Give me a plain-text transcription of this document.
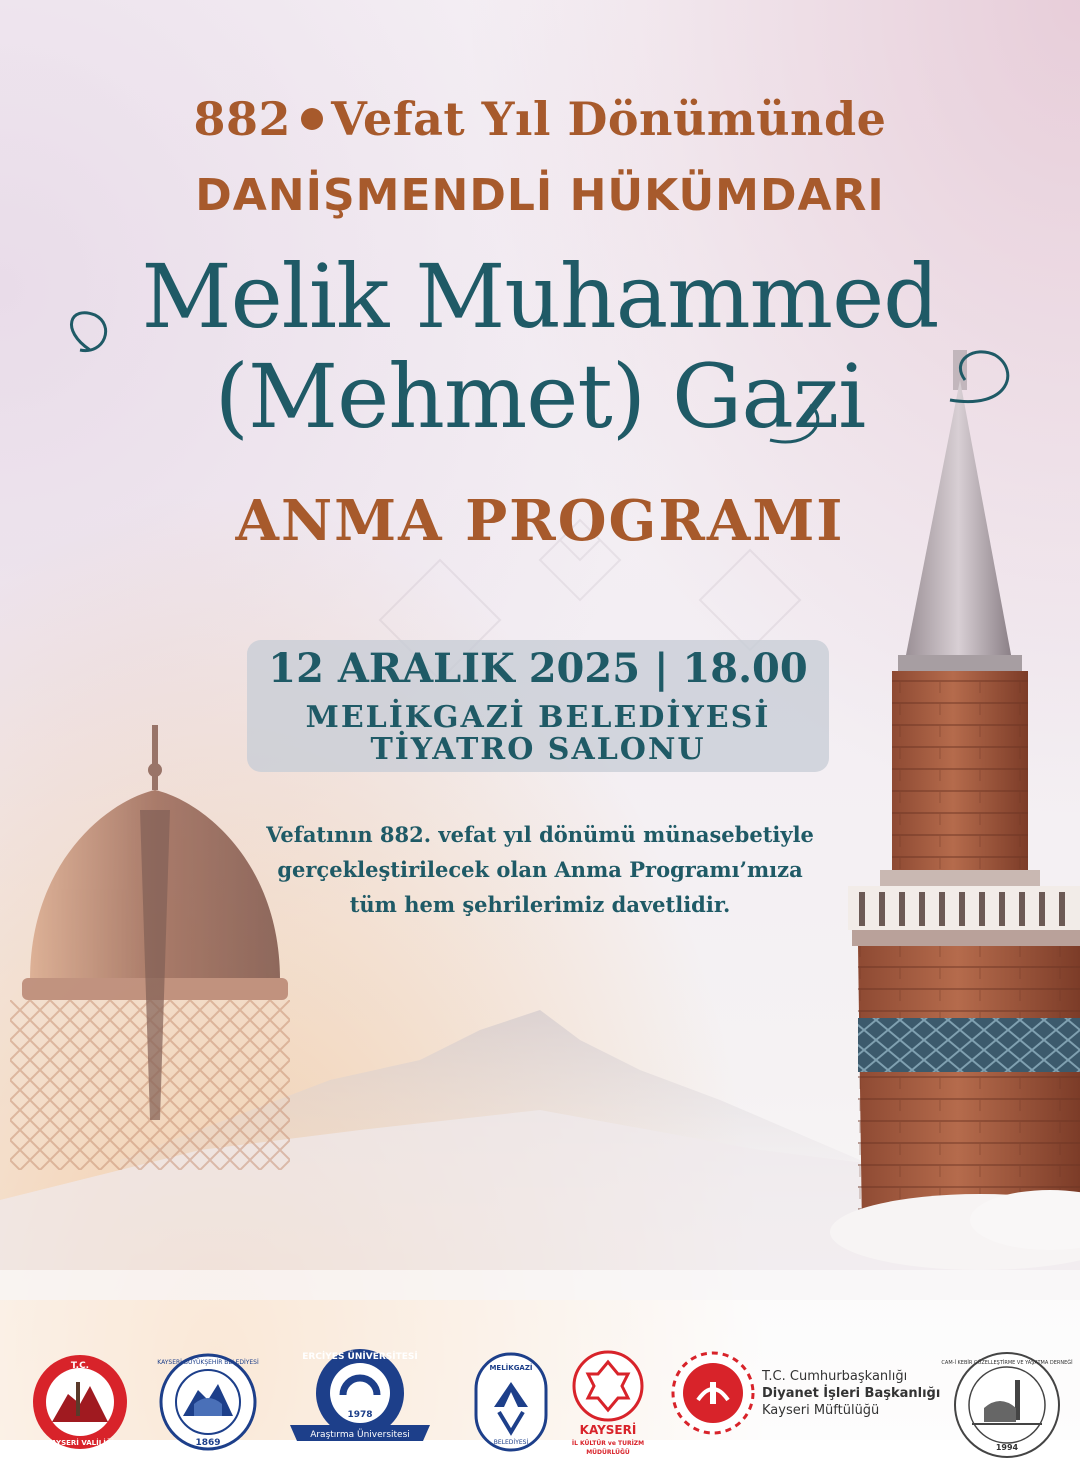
882 Vefat Yıl Dönümünde
DANİŞMENDLİ HÜKÜMDARI
Melik Muhammed
(Mehmet) Gazi
ANMA PROGRAMI
12 ARALIK 2025 | 18.00
MELİKGAZİ BELEDİYESİ
TİYATRO SALONU
Vefatının 882. vefat yıl dönümü münasebetiyle
gerçekleştirilecek olan Anma Programı’mıza
tüm hem şehrilerimiz davetlidir.
T.C.
KAYSERİ VALİLİĞİ
KAYSERİ BÜYÜKŞEHİR BELEDİYESİ
1869
ERCİYES ÜNİVERSİTESİ
1978
Araştırma Üniversitesi
MELİKGAZİ
BELEDİYESİ
KAYSERİ
İL KÜLTÜR ve TURİZM
MÜDÜRLÜĞÜ
T.C. Cumhurbaşkanlığı
Diyanet İşleri Başkanlığı
Kayseri Müftülüğü
CAM-İ KEBİR GÜZELLEŞTİRME VE YAŞATMA DERNEĞİ
1994
